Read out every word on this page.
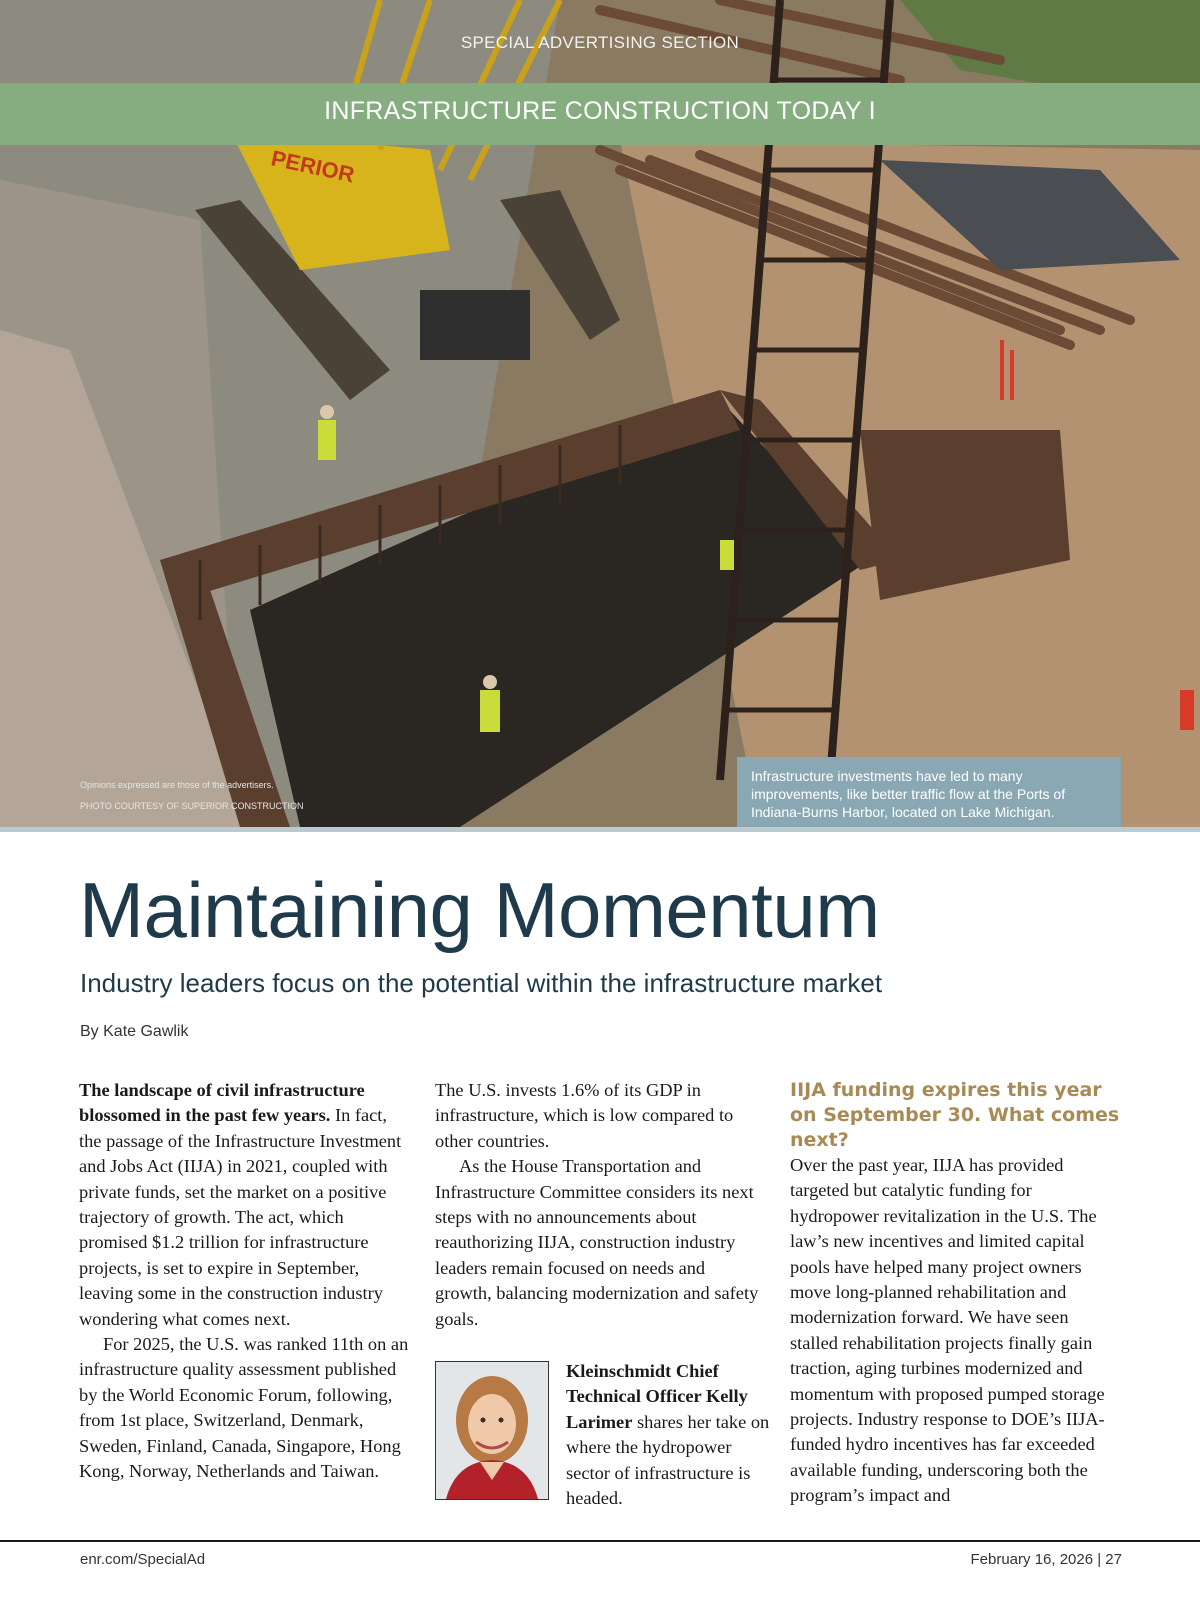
PERIOR
SPECIAL ADVERTISING SECTION
INFRASTRUCTURE CONSTRUCTION TODAY I
Opinions expressed are those of the advertisers.
PHOTO COURTESY OF SUPERIOR CONSTRUCTION
Infrastructure investments have led to many improvements, like better traffic flow at the Ports of Indiana-Burns Harbor, located on Lake Michigan.
Maintaining Momentum
Industry leaders focus on the potential within the infrastructure market
By Kate Gawlik

The landscape of civil infrastructure blossomed in the past few years. In fact, the passage of the Infrastructure Investment and Jobs Act (IIJA) in 2021, coupled with private funds, set the market on a positive trajectory of growth. The act, which promised $1.2 trillion for infrastructure projects, is set to expire in September, leaving some in the construction industry wondering what comes next.

For 2025, the U.S. was ranked 11th on an infrastructure quality assessment published by the World Economic Forum, following, from 1st place, Switzerland, Denmark, Sweden, Finland, Canada, Singapore, Hong Kong, Norway, Netherlands and Taiwan.

The U.S. invests 1.6% of its GDP in infrastructure, which is low compared to other countries.

As the House Transportation and Infrastructure Committee considers its next steps with no announcements about reauthorizing IIJA, construction industry leaders remain focused on needs and growth, balancing modernization and safety goals.

Kleinschmidt Chief Technical Officer Kelly Larimer shares her take on where the hydropower sector of infrastructure is headed.

IIJA funding expires this year on September 30. What comes next?

Over the past year, IIJA has provided targeted but catalytic funding for hydropower revitalization in the U.S. The law’s new incentives and limited capital pools have helped many project owners move long-planned rehabilitation and modernization forward. We have seen stalled rehabilitation projects finally gain traction, aging turbines modernized and momentum with proposed pumped storage projects. Industry response to DOE’s IIJA-funded hydro incentives has far exceeded available funding, underscoring both the program’s impact and

enr.com/SpecialAd	February 16, 2026 | 27
